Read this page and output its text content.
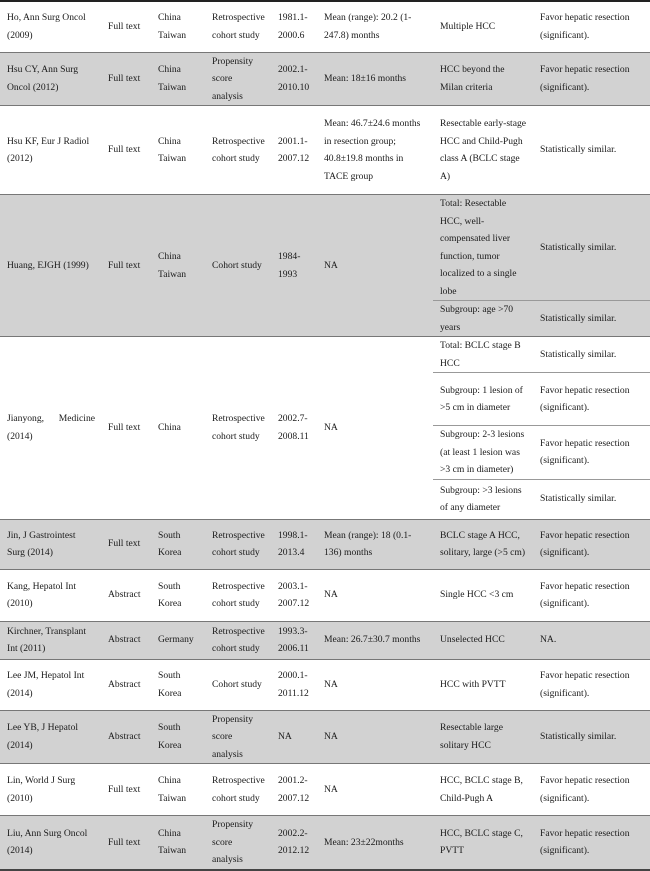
Ho, Ann Surg Oncol (2009)	Full text	China Taiwan	Retrospective cohort study	1981.1-2000.6	Mean (range): 20.2 (1-247.8) months	Multiple HCC	Favor hepatic resection (significant).
Hsu CY, Ann Surg Oncol (2012)	Full text	China Taiwan	Propensity score analysis	2002.1-2010.10	Mean: 18±16 months	HCC beyond the Milan criteria	Favor hepatic resection (significant).
Hsu KF, Eur J Radiol (2012)	Full text	China Taiwan	Retrospective cohort study	2001.1-2007.12	Mean: 46.7±24.6 months in resection group; 40.8±19.8 months in TACE group	Resectable early-stage HCC and Child-Pugh class A (BCLC stage A)	Statistically similar.
Huang, EJGH (1999)	Full text	China Taiwan	Cohort study	1984-1993	NA	Total: Resectable HCC, well-compensated liver function, tumor localized to a single lobe	Statistically similar.
						Subgroup: age >70 years	Statistically similar.
Jianyong, Medicine (2014)	Full text	China	Retrospective cohort study	2002.7-2008.11	NA	Total: BCLC stage B HCC	Statistically similar.
						Subgroup: 1 lesion of >5 cm in diameter	Favor hepatic resection (significant).
						Subgroup: 2-3 lesions (at least 1 lesion was >3 cm in diameter)	Favor hepatic resection (significant).
						Subgroup: >3 lesions of any diameter	Statistically similar.
Jin, J Gastrointest Surg (2014)	Full text	South Korea	Retrospective cohort study	1998.1-2013.4	Mean (range): 18 (0.1-136) months	BCLC stage A HCC, solitary, large (>5 cm)	Favor hepatic resection (significant).
Kang, Hepatol Int (2010)	Abstract	South Korea	Retrospective cohort study	2003.1-2007.12	NA	Single HCC <3 cm	Favor hepatic resection (significant).
Kirchner, Transplant Int (2011)	Abstract	Germany	Retrospective cohort study	1993.3-2006.11	Mean: 26.7±30.7 months	Unselected HCC	NA.
Lee JM, Hepatol Int (2014)	Abstract	South Korea	Cohort study	2000.1-2011.12	NA	HCC with PVTT	Favor hepatic resection (significant).
Lee YB, J Hepatol (2014)	Abstract	South Korea	Propensity score analysis	NA	NA	Resectable large solitary HCC	Statistically similar.
Lin, World J Surg (2010)	Full text	China Taiwan	Retrospective cohort study	2001.2-2007.12	NA	HCC, BCLC stage B, Child-Pugh A	Favor hepatic resection (significant).
Liu, Ann Surg Oncol (2014)	Full text	China Taiwan	Propensity score analysis	2002.2-2012.12	Mean: 23±22months	HCC, BCLC stage C, PVTT	Favor hepatic resection (significant).
